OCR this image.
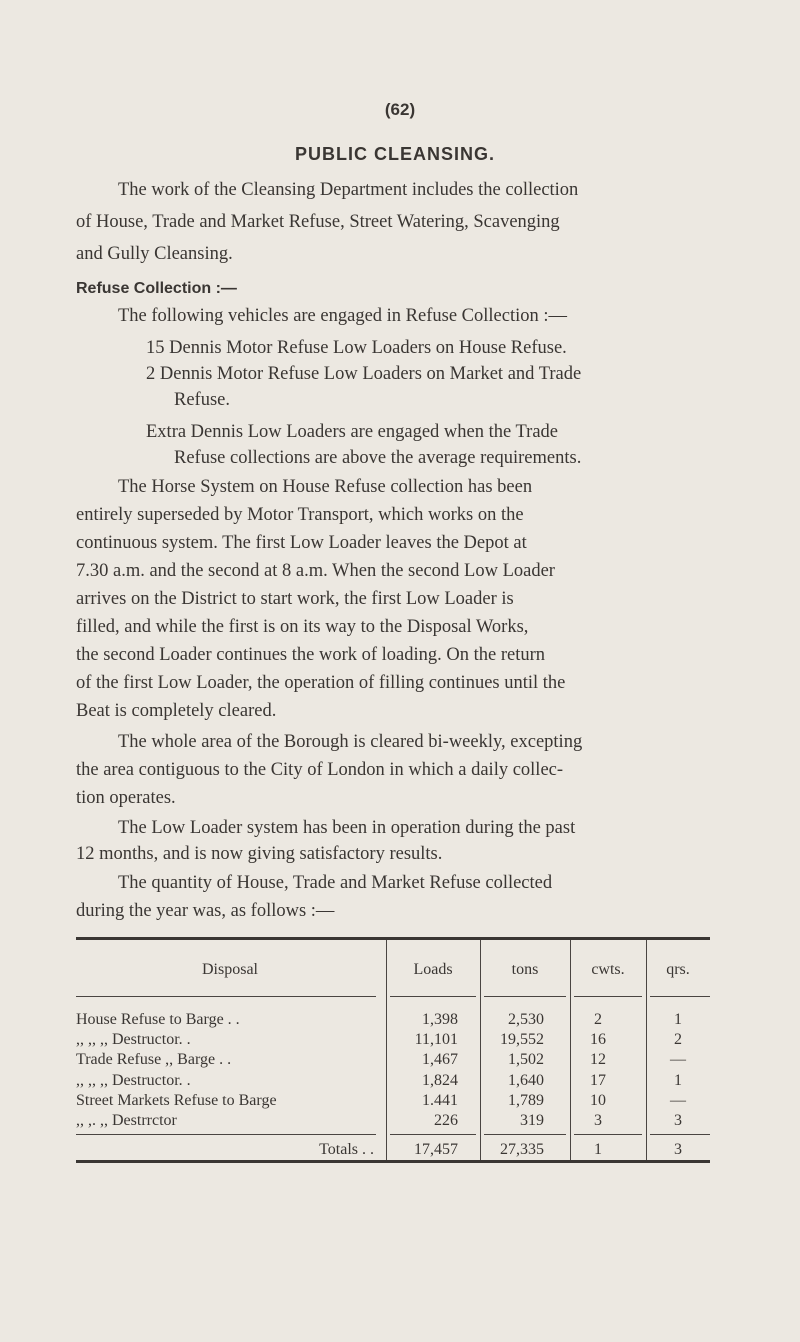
(62)
PUBLIC CLEANSING.
The work of the Cleansing Department includes the collection
of House, Trade and Market Refuse, Street Watering, Scavenging
and Gully Cleansing.
Refuse Collection :—
The following vehicles are engaged in Refuse Collection :—
15 Dennis Motor Refuse Low Loaders on House Refuse.
2 Dennis Motor Refuse Low Loaders on Market and Trade
Refuse.
Extra Dennis Low Loaders are engaged when the Trade
Refuse collections are above the average requirements.
The Horse System on House Refuse collection has been
entirely superseded by Motor Transport, which works on the
continuous system. The first Low Loader leaves the Depot at
7.30 a.m. and the second at 8 a.m. When the second Low Loader
arrives on the District to start work, the first Low Loader is
filled, and while the first is on its way to the Disposal Works,
the second Loader continues the work of loading. On the return
of the first Low Loader, the operation of filling continues until the
Beat is completely cleared.
The whole area of the Borough is cleared bi-weekly, excepting
the area contiguous to the City of London in which a daily collec-
tion operates.
The Low Loader system has been in operation during the past
12 months, and is now giving satisfactory results.
The quantity of House, Trade and Market Refuse collected
during the year was, as follows :—
Disposal	Loads	tons	cwts.	qrs.
House Refuse to Barge . .	1,398	2,530	2	1
,, ,, ,, Destructor. .	11,101	19,552	16	2
Trade Refuse ,, Barge . .	1,467	1,502	12	—
,, ,, ,, Destructor. .	1,824	1,640	17	1
Street Markets Refuse to Barge	1.441	1,789	10	—
,, ,. ,, Destrrctor	226	319	3	3
Totals . .	17,457	27,335	1	3
